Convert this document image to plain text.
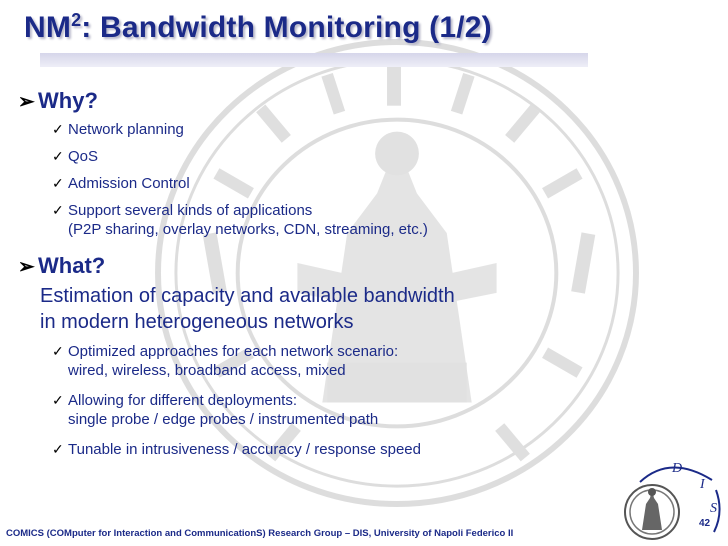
$NM^2$: Bandwidth Monitoring (1/2)
➢ Why?
✓ Network planning
✓ QoS
✓ Admission Control
✓ Support several kinds of applications
(P2P sharing, overlay networks, CDN, streaming, etc.)
➢ What?
Estimation of capacity and available bandwidth
in modern heterogeneous networks
✓ Optimized approaches for each network scenario:
wired, wireless, broadband access, mixed
✓ Allowing for different deployments:
single probe / edge probes / instrumented path
✓ Tunable in intrusiveness / accuracy / response speed
D
I
S
42
COMICS (COMputer for Interaction and CommunicationS) Research Group – DIS, University of Napoli Federico II
